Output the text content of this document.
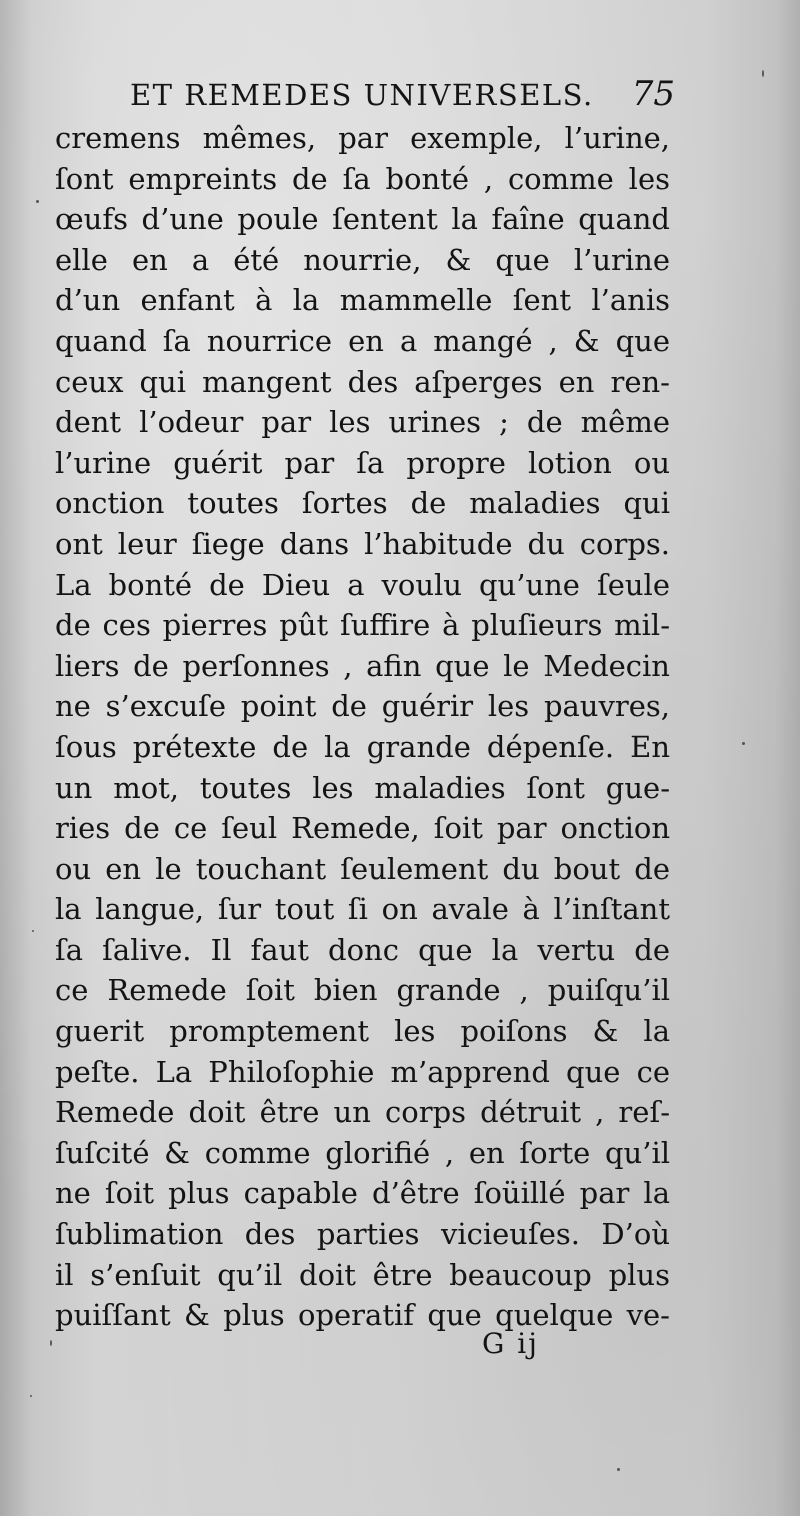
ET REMEDES UNIVERSELS. 75
cremens mêmes, par exemple, l’urine,
ſont empreints de ſa bonté , comme les
œufs d’une poule ſentent la faîne quand
elle en a été nourrie, & que l’urine
d’un enfant à la mammelle ſent l’anis
quand ſa nourrice en a mangé , & que
ceux qui mangent des aſperges en ren-
dent l’odeur par les urines ; de même
l’urine guérit par ſa propre lotion ou
onction toutes ſortes de maladies qui
ont leur ſiege dans l’habitude du corps.
La bonté de Dieu a voulu qu’une ſeule
de ces pierres pût ſuffire à pluſieurs mil-
liers de perſonnes , afin que le Medecin
ne s’excuſe point de guérir les pauvres,
ſous prétexte de la grande dépenſe. En
un mot, toutes les maladies ſont gue-
ries de ce ſeul Remede, ſoit par onction
ou en le touchant ſeulement du bout de
la langue, ſur tout ſi on avale à l’inſtant
ſa ſalive. Il faut donc que la vertu de
ce Remede ſoit bien grande , puiſqu’il
guerit promptement les poiſons & la
peſte. La Philoſophie m’apprend que ce
Remede doit être un corps détruit , reſ-
ſuſcité & comme glorifié , en ſorte qu’il
ne ſoit plus capable d’être ſoüillé par la
ſublimation des parties vicieuſes. D’où
il s’enſuit qu’il doit être beaucoup plus
puiſſant & plus operatif que quelque ve-
G ij
